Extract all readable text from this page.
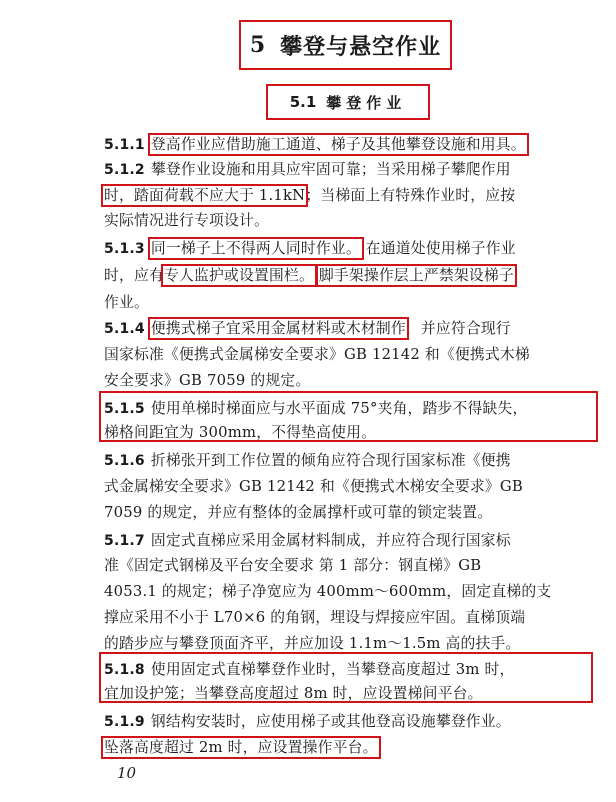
5 攀登与悬空作业
5.1 攀登作业
5.1.1 登高作业应借助施工通道、梯子及其他攀登设施和用具。
5.1.2 攀登作业设施和用具应牢固可靠；当采用梯子攀爬作用
时，踏面荷载不应大于 1.1kN；当梯面上有特殊作业时，应按
实际情况进行专项设计。
5.1.3 同一梯子上不得两人同时作业。 在通道处使用梯子作业
时，应有专人监护或设置围栏。 脚手架操作层上严禁架设梯子
作业。
5.1.4 便携式梯子宜采用金属材料或木材制作，并应符合现行
国家标准《便携式金属梯安全要求》GB 12142 和《便携式木梯
安全要求》GB 7059 的规定。
5.1.5 使用单梯时梯面应与水平面成 75°夹角，踏步不得缺失，
梯格间距宜为 300mm，不得垫高使用。
5.1.6 折梯张开到工作位置的倾角应符合现行国家标准《便携
式金属梯安全要求》GB 12142 和《便携式木梯安全要求》GB
7059 的规定，并应有整体的金属撑杆或可靠的锁定装置。
5.1.7 固定式直梯应采用金属材料制成，并应符合现行国家标
准《固定式钢梯及平台安全要求 第 1 部分：钢直梯》GB
4053.1 的规定；梯子净宽应为 400mm～600mm，固定直梯的支
撑应采用不小于 L70×6 的角钢，埋设与焊接应牢固。直梯顶端
的踏步应与攀登顶面齐平，并应加设 1.1m～1.5m 高的扶手。
5.1.8 使用固定式直梯攀登作业时，当攀登高度超过 3m 时，
宜加设护笼；当攀登高度超过 8m 时，应设置梯间平台。
5.1.9 钢结构安装时，应使用梯子或其他登高设施攀登作业。
坠落高度超过 2m 时，应设置操作平台。
10
